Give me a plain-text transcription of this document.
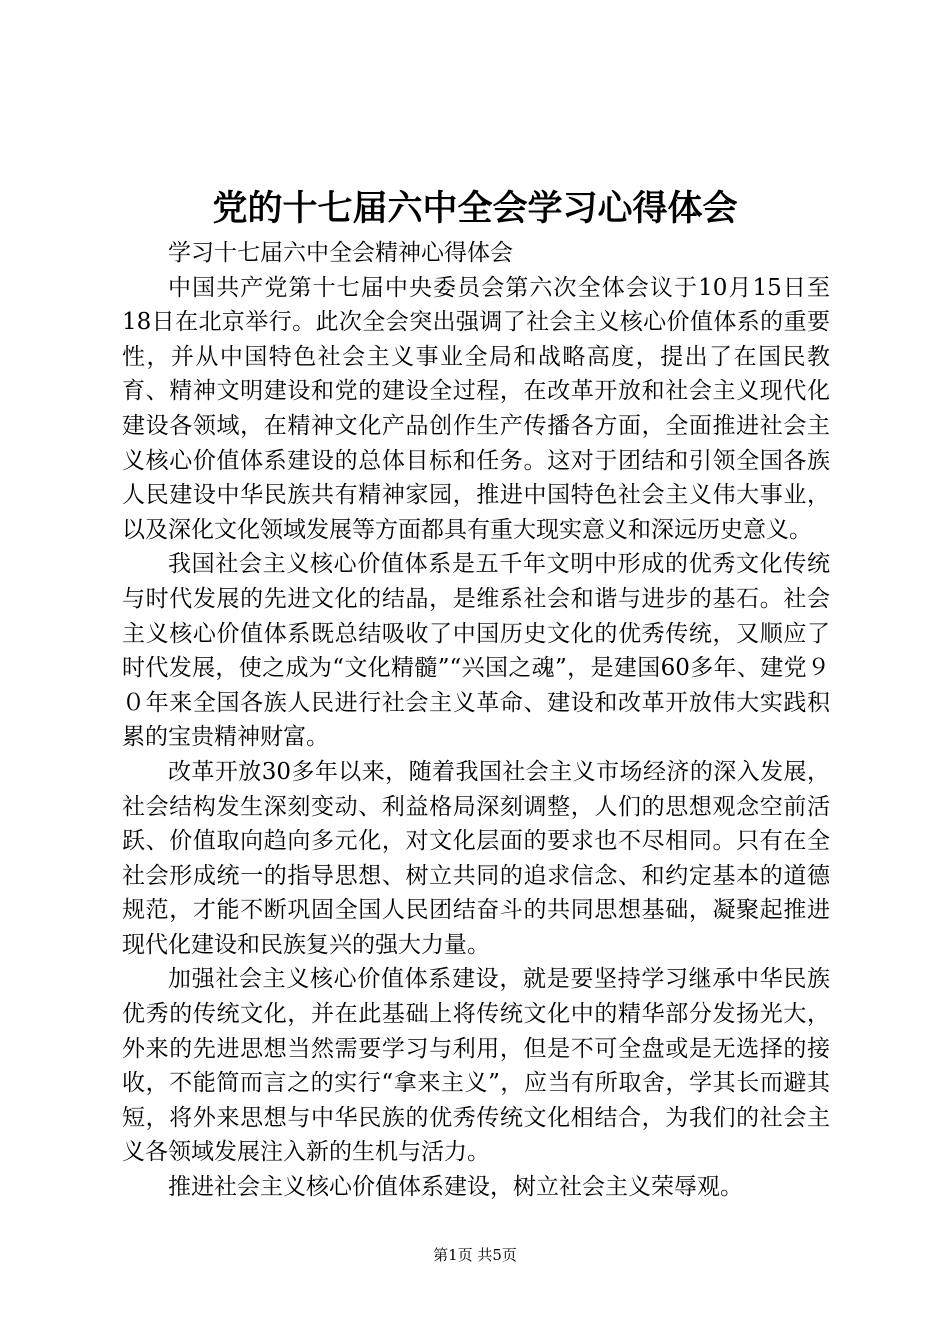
党的十七届六中全会学习心得体会

学习十七届六中全会精神心得体会

中国共产党第十七届中央委员会第六次全体会议于10月15日至18日在北京举行。此次全会突出强调了社会主义核心价值体系的重要性，并从中国特色社会主义事业全局和战略高度，提出了在国民教育、精神文明建设和党的建设全过程，在改革开放和社会主义现代化建设各领域，在精神文化产品创作生产传播各方面，全面推进社会主义核心价值体系建设的总体目标和任务。这对于团结和引领全国各族人民建设中华民族共有精神家园，推进中国特色社会主义伟大事业，以及深化文化领域发展等方面都具有重大现实意义和深远历史意义。

我国社会主义核心价值体系是五千年文明中形成的优秀文化传统与时代发展的先进文化的结晶，是维系社会和谐与进步的基石。社会主义核心价值体系既总结吸收了中国历史文化的优秀传统，又顺应了时代发展，使之成为“文化精髓”“兴国之魂”，是建国60多年、建党９０年来全国各族人民进行社会主义革命、建设和改革开放伟大实践积累的宝贵精神财富。

改革开放30多年以来，随着我国社会主义市场经济的深入发展，社会结构发生深刻变动、利益格局深刻调整，人们的思想观念空前活跃、价值取向趋向多元化，对文化层面的要求也不尽相同。只有在全社会形成统一的指导思想、树立共同的追求信念、和约定基本的道德规范，才能不断巩固全国人民团结奋斗的共同思想基础，凝聚起推进现代化建设和民族复兴的强大力量。

加强社会主义核心价值体系建设，就是要坚持学习继承中华民族优秀的传统文化，并在此基础上将传统文化中的精华部分发扬光大，外来的先进思想当然需要学习与利用，但是不可全盘或是无选择的接收，不能简而言之的实行“拿来主义”，应当有所取舍，学其长而避其短，将外来思想与中华民族的优秀传统文化相结合，为我们的社会主义各领域发展注入新的生机与活力。

推进社会主义核心价值体系建设，树立社会主义荣辱观。

第1页 共5页
